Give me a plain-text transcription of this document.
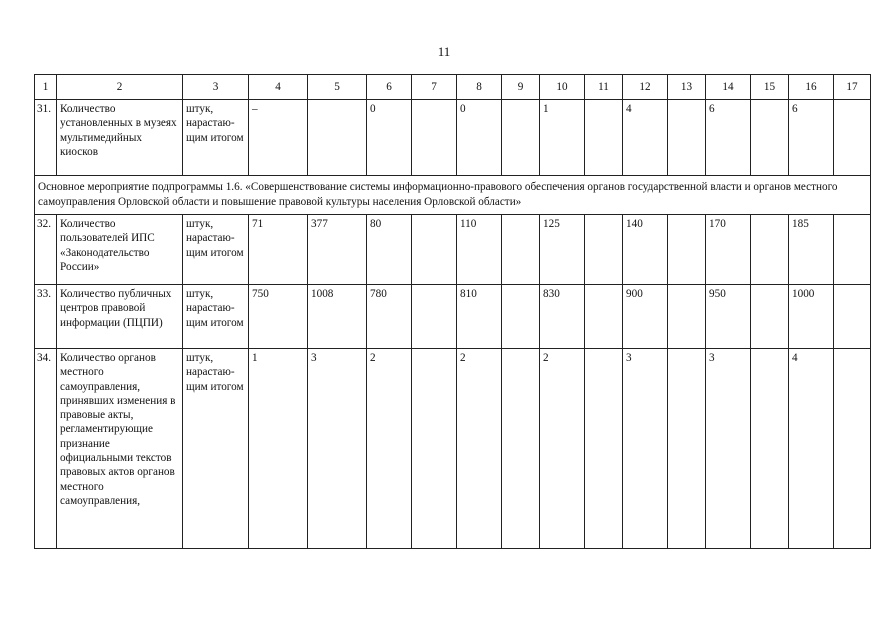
11
1	2	3	4	5	6	7	8	9	10	11	12	13	14	15	16	17
31.	Количество установленных в музеях мультимедийных киосков	штук, нарастаю-щим итогом	–		0		0		1		4		6		6	
Основное мероприятие подпрограммы 1.6. «Совершенствование системы информационно-правового обеспечения органов государственной власти и органов местного самоуправления Орловской области и повышение правовой культуры населения Орловской области»																
32.	Количество пользователей ИПС «Законодательство России»	штук, нарастаю-щим итогом	71	377	80		110		125		140		170		185	
33.	Количество публичных центров правовой информации (ПЦПИ)	штук, нарастаю-щим итогом	750	1008	780		810		830		900		950		1000	
34.	Количество органов местного самоуправления, принявших изменения в правовые акты, регламентирующие признание официальными текстов правовых актов органов местного самоуправления,	штук, нарастаю-щим итогом	1	3	2		2		2		3		3		4	
